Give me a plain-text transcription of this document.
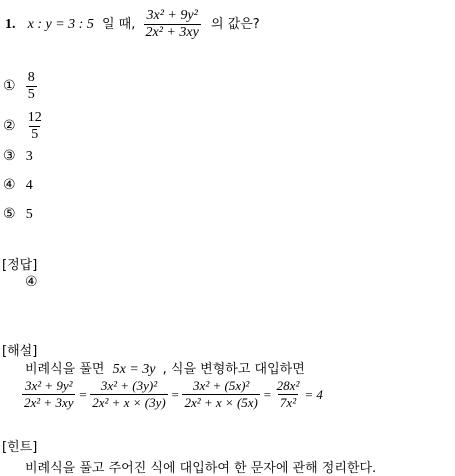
1. x : y = 3 : 5 일 때, $\frac{\text{3x² + 9y²}}{\text{2x² + 3xy}}$ 의 값은?
① $\frac{8}{5}$
② $\frac{12}{5}$
③ 3
④ 4
⑤ 5
[정답]
④
[해설]
비례식을 풀면 5x = 3y , 식을 변형하고 대입하면
$\frac{\text{3x² + 9y²}}{\text{2x² + 3xy}} = \frac{\text{3x² + (3y)²}}{\text{2x² + x × (3y)}} = \frac{\text{3x² + (5x)²}}{\text{2x² + x × (5x)}} = \frac{\text{28x²}}{\text{7x²}} = 4$
[힌트]
비례식을 풀고 주어진 식에 대입하여 한 문자에 관해 정리한다.
